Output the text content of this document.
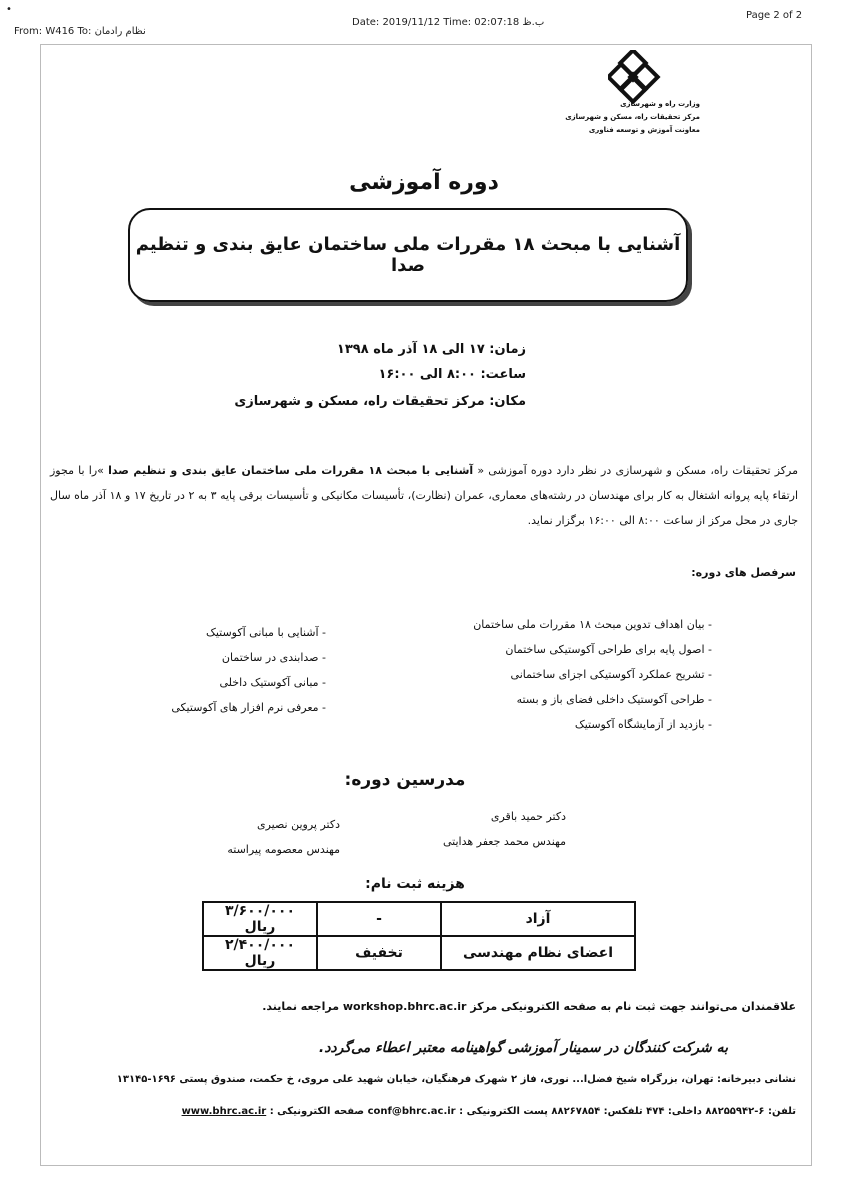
•
From: W416 To: نظام رادمان
Date: 2019/11/12 Time: 02:07:18 ب.ظ
Page 2 of 2
وزارت راه و شهرسازی
مرکز تحقیقات راه، مسکن و شهرسازی
معاونت آموزش و توسعه فناوری
دوره آموزشی
آشنایی با مبحث ۱۸ مقررات ملی ساختمان عایق بندی و تنظیم صدا
زمان: ۱۷ الی ۱۸ آذر ماه ۱۳۹۸
ساعت: ۸:۰۰ الی ۱۶:۰۰
مکان: مرکز تحقیقات راه، مسکن و شهرسازی
مرکز تحقیقات راه، مسکن و شهرسازی در نظر دارد دوره آموزشی « آشنایی با مبحث ۱۸ مقررات ملی ساختمان عایق بندی و تنظیم صدا »را با مجوز ارتقاء پایه پروانه اشتغال به کار برای مهندسان در رشته‌های معماری، عمران (نظارت)، تأسیسات مکانیکی و تأسیسات برقی پایه ۳ به ۲ در تاریخ ۱۷ و ۱۸ آذر ماه سال جاری در محل مرکز از ساعت ۸:۰۰ الی ۱۶:۰۰ برگزار نماید.
سرفصل های دوره:
- بیان اهداف تدوین مبحث ۱۸ مقررات ملی ساختمان
- اصول پایه برای طراحی آکوستیکی ساختمان
- تشریح عملکرد آکوستیکی اجزای ساختمانی
- طراحی آکوستیک داخلی فضای باز و بسته
- بازدید از آزمایشگاه آکوستیک
- آشنایی با مبانی آکوستیک
- صدابندی در ساختمان
- مبانی آکوستیک داخلی
- معرفی نرم افزار های آکوستیکی
مدرسین دوره:
دکتر حمید باقری
مهندس محمد جعفر هدایتی
دکتر پروین نصیری
مهندس معصومه پیراسته
هزینه ثبت نام:
آزاد	-	۳/۶۰۰/۰۰۰ ریال
اعضای نظام مهندسی	تخفیف	۲/۴۰۰/۰۰۰ ریال
علاقمندان می‌توانند جهت ثبت نام به صفحه الکترونیکی مرکز workshop.bhrc.ac.ir مراجعه نمایند.
به شرکت کنندگان در سمینار آموزشی گواهینامه معتبر اعطاء می‌گردد.
نشانی دبیرخانه: تهران، بزرگراه شیخ فضل‌ا... نوری، فاز ۲ شهرک فرهنگیان، خیابان شهید علی مروی، خ حکمت، صندوق پستی ۱۶۹۶-۱۳۱۴۵
تلفن: ۶-۸۸۲۵۵۹۴۲ داخلی: ۴۷۴ تلفکس: ۸۸۲۶۷۸۵۴ پست الکترونیکی : conf@bhrc.ac.ir صفحه الکترونیکی : www.bhrc.ac.ir
